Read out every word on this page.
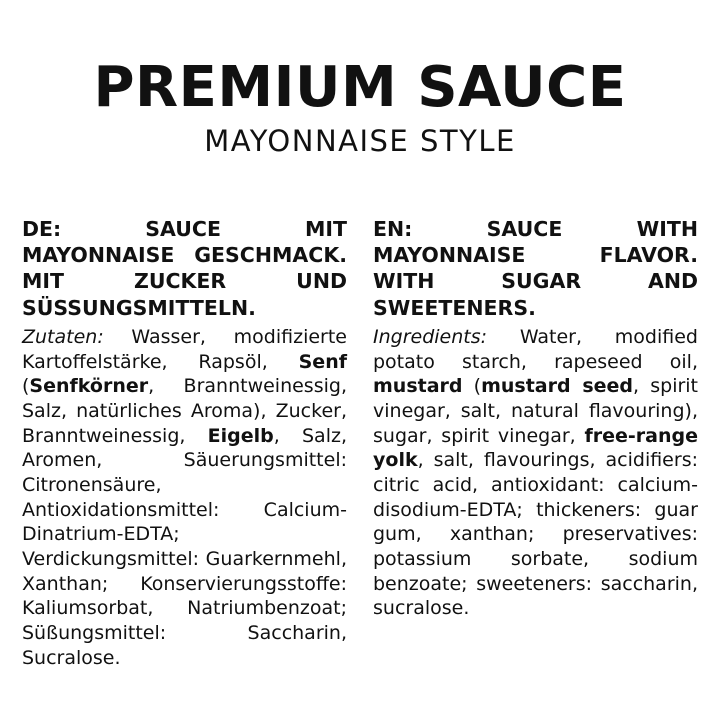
PREMIUM SAUCE
MAYONNAISE STYLE
DE: SAUCE MIT MAYONNAISE GESCHMACK. MIT ZUCKER UND SÜSSUNGSMITTELN.

Zutaten: Wasser, modifizierte Kartoffelstärke, Rapsöl, Senf (Senfkörner, Branntweinessig, Salz, natürliches Aroma), Zucker, Branntweinessig, Eigelb, Salz, Aromen, Säuerungsmittel: Citronensäure, Antioxidationsmittel: Calcium-Dinatrium-EDTA; Verdickungsmittel: Guarkernmehl, Xanthan; Konservierungsstoffe: Kaliumsorbat, Natriumbenzoat; Süßungsmittel: Saccharin, Sucralose.

EN: SAUCE WITH MAYONNAISE FLAVOR. WITH SUGAR AND SWEETENERS.

Ingredients: Water, modified potato starch, rapeseed oil, mustard (mustard seed, spirit vinegar, salt, natural flavouring), sugar, spirit vinegar, free-range yolk, salt, flavourings, acidifiers: citric acid, antioxidant: calcium-disodium-EDTA; thickeners: guar gum, xanthan; preservatives: potassium sorbate, sodium benzoate; sweeteners: saccharin, sucralose.
